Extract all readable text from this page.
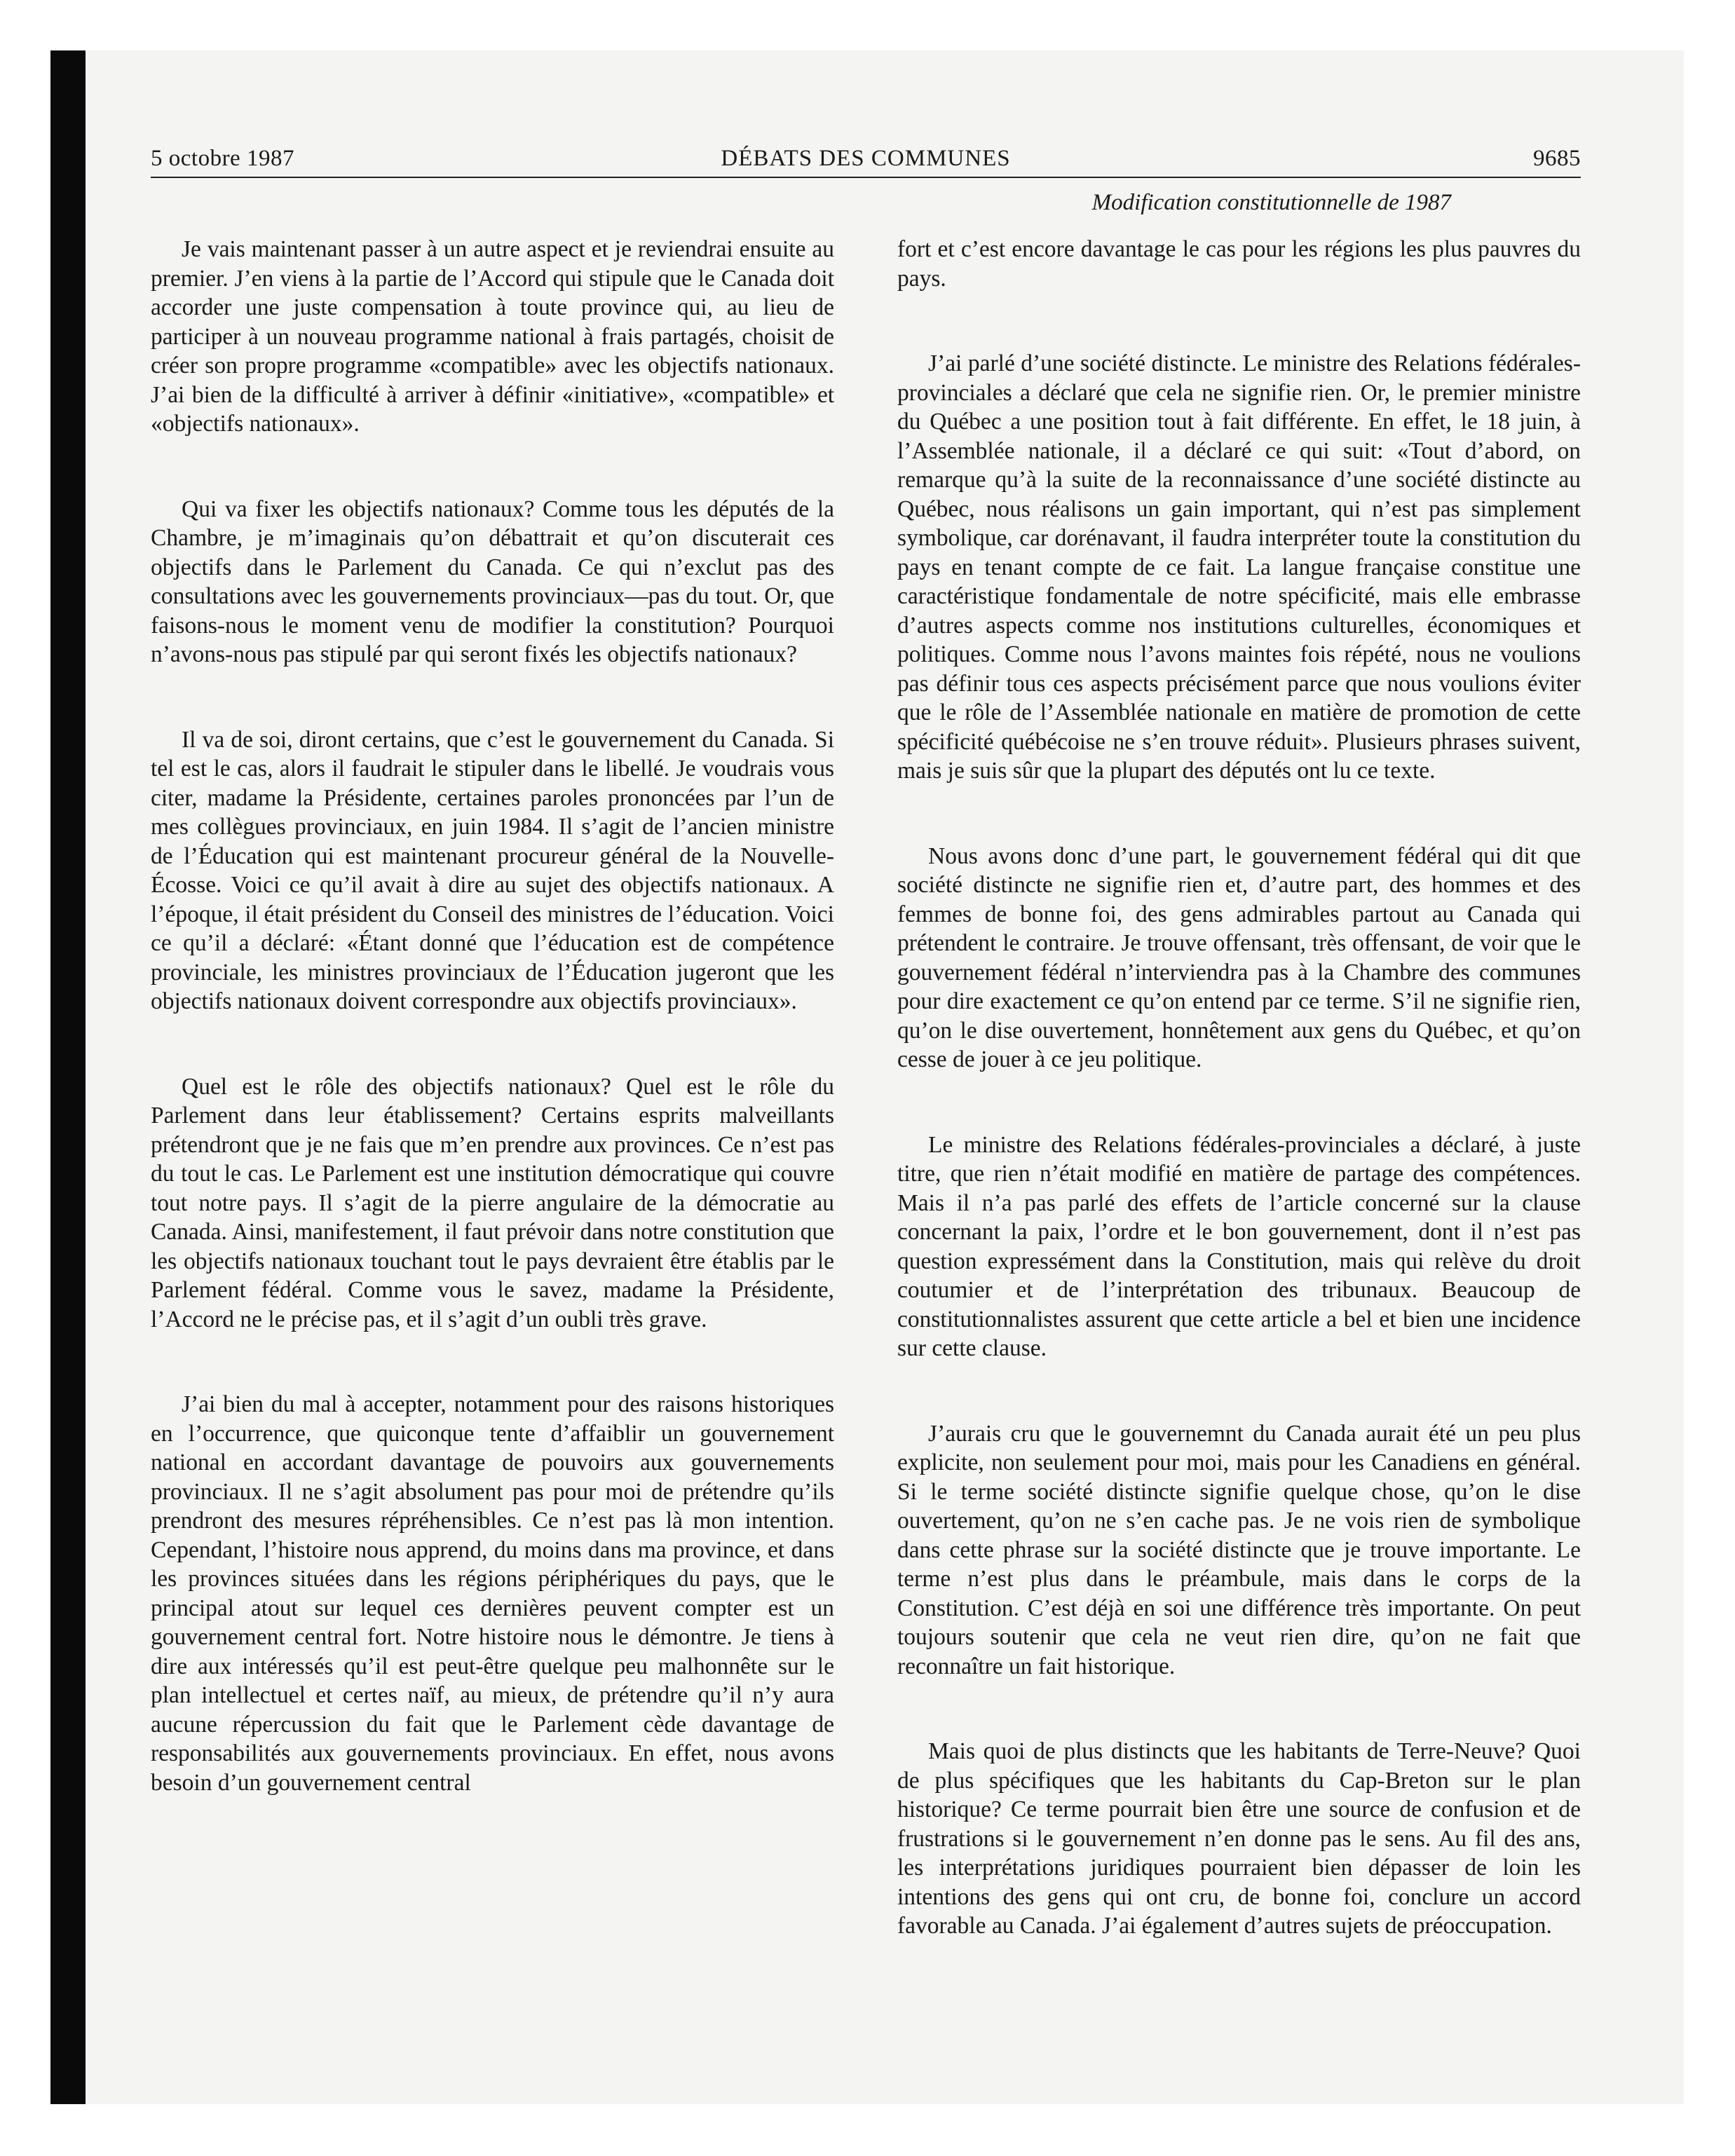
5 octobre 1987	DÉBATS DES COMMUNES	9685
Modification constitutionnelle de 1987

Je vais maintenant passer à un autre aspect et je reviendrai ensuite au premier. J’en viens à la partie de l’Accord qui stipule que le Canada doit accorder une juste compensation à toute province qui, au lieu de participer à un nouveau programme national à frais partagés, choisit de créer son propre programme «compatible» avec les objectifs nationaux. J’ai bien de la difficulté à arriver à définir «initiative», «compatible» et «objectifs nationaux».

Qui va fixer les objectifs nationaux? Comme tous les députés de la Chambre, je m’imaginais qu’on débattrait et qu’on discuterait ces objectifs dans le Parlement du Canada. Ce qui n’exclut pas des consultations avec les gouvernements provinciaux—pas du tout. Or, que faisons-nous le moment venu de modifier la constitution? Pourquoi n’avons-nous pas stipulé par qui seront fixés les objectifs nationaux?

Il va de soi, diront certains, que c’est le gouvernement du Canada. Si tel est le cas, alors il faudrait le stipuler dans le libellé. Je voudrais vous citer, madame la Présidente, certaines paroles prononcées par l’un de mes collègues provinciaux, en juin 1984. Il s’agit de l’ancien ministre de l’Éducation qui est maintenant procureur général de la Nouvelle-Écosse. Voici ce qu’il avait à dire au sujet des objectifs nationaux. A l’époque, il était président du Conseil des ministres de l’éducation. Voici ce qu’il a déclaré: «Étant donné que l’éducation est de compétence provinciale, les ministres provinciaux de l’Éducation jugeront que les objectifs nationaux doivent correspondre aux objectifs provinciaux».

Quel est le rôle des objectifs nationaux? Quel est le rôle du Parlement dans leur établissement? Certains esprits malveillants prétendront que je ne fais que m’en prendre aux provinces. Ce n’est pas du tout le cas. Le Parlement est une institution démocratique qui couvre tout notre pays. Il s’agit de la pierre angulaire de la démocratie au Canada. Ainsi, manifestement, il faut prévoir dans notre constitution que les objectifs nationaux touchant tout le pays devraient être établis par le Parlement fédéral. Comme vous le savez, madame la Présidente, l’Accord ne le précise pas, et il s’agit d’un oubli très grave.

J’ai bien du mal à accepter, notamment pour des raisons historiques en l’occurrence, que quiconque tente d’affaiblir un gouvernement national en accordant davantage de pouvoirs aux gouvernements provinciaux. Il ne s’agit absolument pas pour moi de prétendre qu’ils prendront des mesures répréhensibles. Ce n’est pas là mon intention. Cependant, l’histoire nous apprend, du moins dans ma province, et dans les provinces situées dans les régions périphériques du pays, que le principal atout sur lequel ces dernières peuvent compter est un gouvernement central fort. Notre histoire nous le démontre. Je tiens à dire aux intéressés qu’il est peut-être quelque peu malhonnête sur le plan intellectuel et certes naïf, au mieux, de prétendre qu’il n’y aura aucune répercussion du fait que le Parlement cède davantage de responsabilités aux gouvernements provinciaux. En effet, nous avons besoin d’un gouvernement central

fort et c’est encore davantage le cas pour les régions les plus pauvres du pays.

J’ai parlé d’une société distincte. Le ministre des Relations fédérales-provinciales a déclaré que cela ne signifie rien. Or, le premier ministre du Québec a une position tout à fait différente. En effet, le 18 juin, à l’Assemblée nationale, il a déclaré ce qui suit: «Tout d’abord, on remarque qu’à la suite de la reconnaissance d’une société distincte au Québec, nous réalisons un gain important, qui n’est pas simplement symbolique, car dorénavant, il faudra interpréter toute la constitution du pays en tenant compte de ce fait. La langue française constitue une caractéristique fondamentale de notre spécificité, mais elle embrasse d’autres aspects comme nos institutions culturelles, économiques et politiques. Comme nous l’avons maintes fois répété, nous ne voulions pas définir tous ces aspects précisément parce que nous voulions éviter que le rôle de l’Assemblée nationale en matière de promotion de cette spécificité québécoise ne s’en trouve réduit». Plusieurs phrases suivent, mais je suis sûr que la plupart des députés ont lu ce texte.

Nous avons donc d’une part, le gouvernement fédéral qui dit que société distincte ne signifie rien et, d’autre part, des hommes et des femmes de bonne foi, des gens admirables partout au Canada qui prétendent le contraire. Je trouve offensant, très offensant, de voir que le gouvernement fédéral n’interviendra pas à la Chambre des communes pour dire exactement ce qu’on entend par ce terme. S’il ne signifie rien, qu’on le dise ouvertement, honnêtement aux gens du Québec, et qu’on cesse de jouer à ce jeu politique.

Le ministre des Relations fédérales-provinciales a déclaré, à juste titre, que rien n’était modifié en matière de partage des compétences. Mais il n’a pas parlé des effets de l’article concerné sur la clause concernant la paix, l’ordre et le bon gouvernement, dont il n’est pas question expressément dans la Constitution, mais qui relève du droit coutumier et de l’interprétation des tribunaux. Beaucoup de constitutionnalistes assurent que cette article a bel et bien une incidence sur cette clause.

J’aurais cru que le gouvernemnt du Canada aurait été un peu plus explicite, non seulement pour moi, mais pour les Canadiens en général. Si le terme société distincte signifie quelque chose, qu’on le dise ouvertement, qu’on ne s’en cache pas. Je ne vois rien de symbolique dans cette phrase sur la société distincte que je trouve importante. Le terme n’est plus dans le préambule, mais dans le corps de la Constitution. C’est déjà en soi une différence très importante. On peut toujours soutenir que cela ne veut rien dire, qu’on ne fait que reconnaître un fait historique.

Mais quoi de plus distincts que les habitants de Terre-Neuve? Quoi de plus spécifiques que les habitants du Cap-Breton sur le plan historique? Ce terme pourrait bien être une source de confusion et de frustrations si le gouvernement n’en donne pas le sens. Au fil des ans, les interprétations juridiques pourraient bien dépasser de loin les intentions des gens qui ont cru, de bonne foi, conclure un accord favorable au Canada. J’ai également d’autres sujets de préoccupation.
